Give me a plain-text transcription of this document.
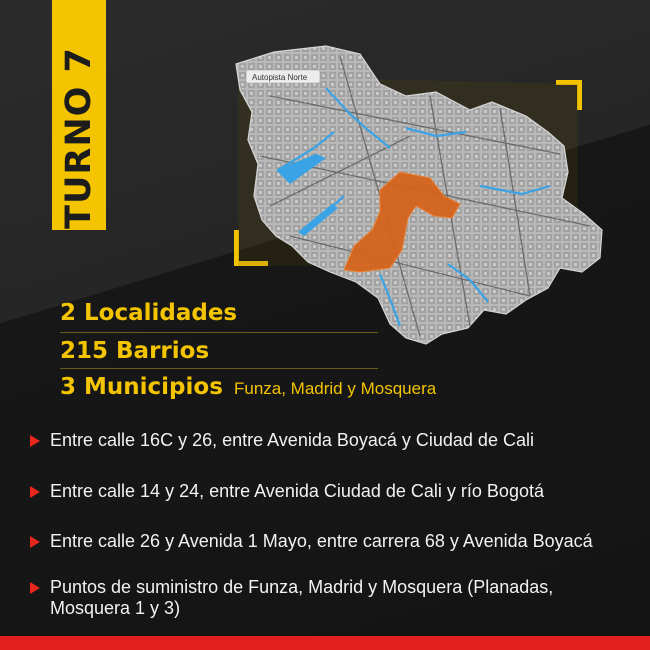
TURNO 7	Autopista Norte
2 Localidades
215 Barrios
3 Municipios Funza, Madrid y Mosquera
Entre calle 16C y 26, entre Avenida Boyacá y Ciudad de Cali
Entre calle 14 y 24, entre Avenida Ciudad de Cali y río Bogotá
Entre calle 26 y Avenida 1 Mayo, entre carrera 68 y Avenida Boyacá
Puntos de suministro de Funza, Madrid y Mosquera (Planadas, Mosquera 1 y 3)
